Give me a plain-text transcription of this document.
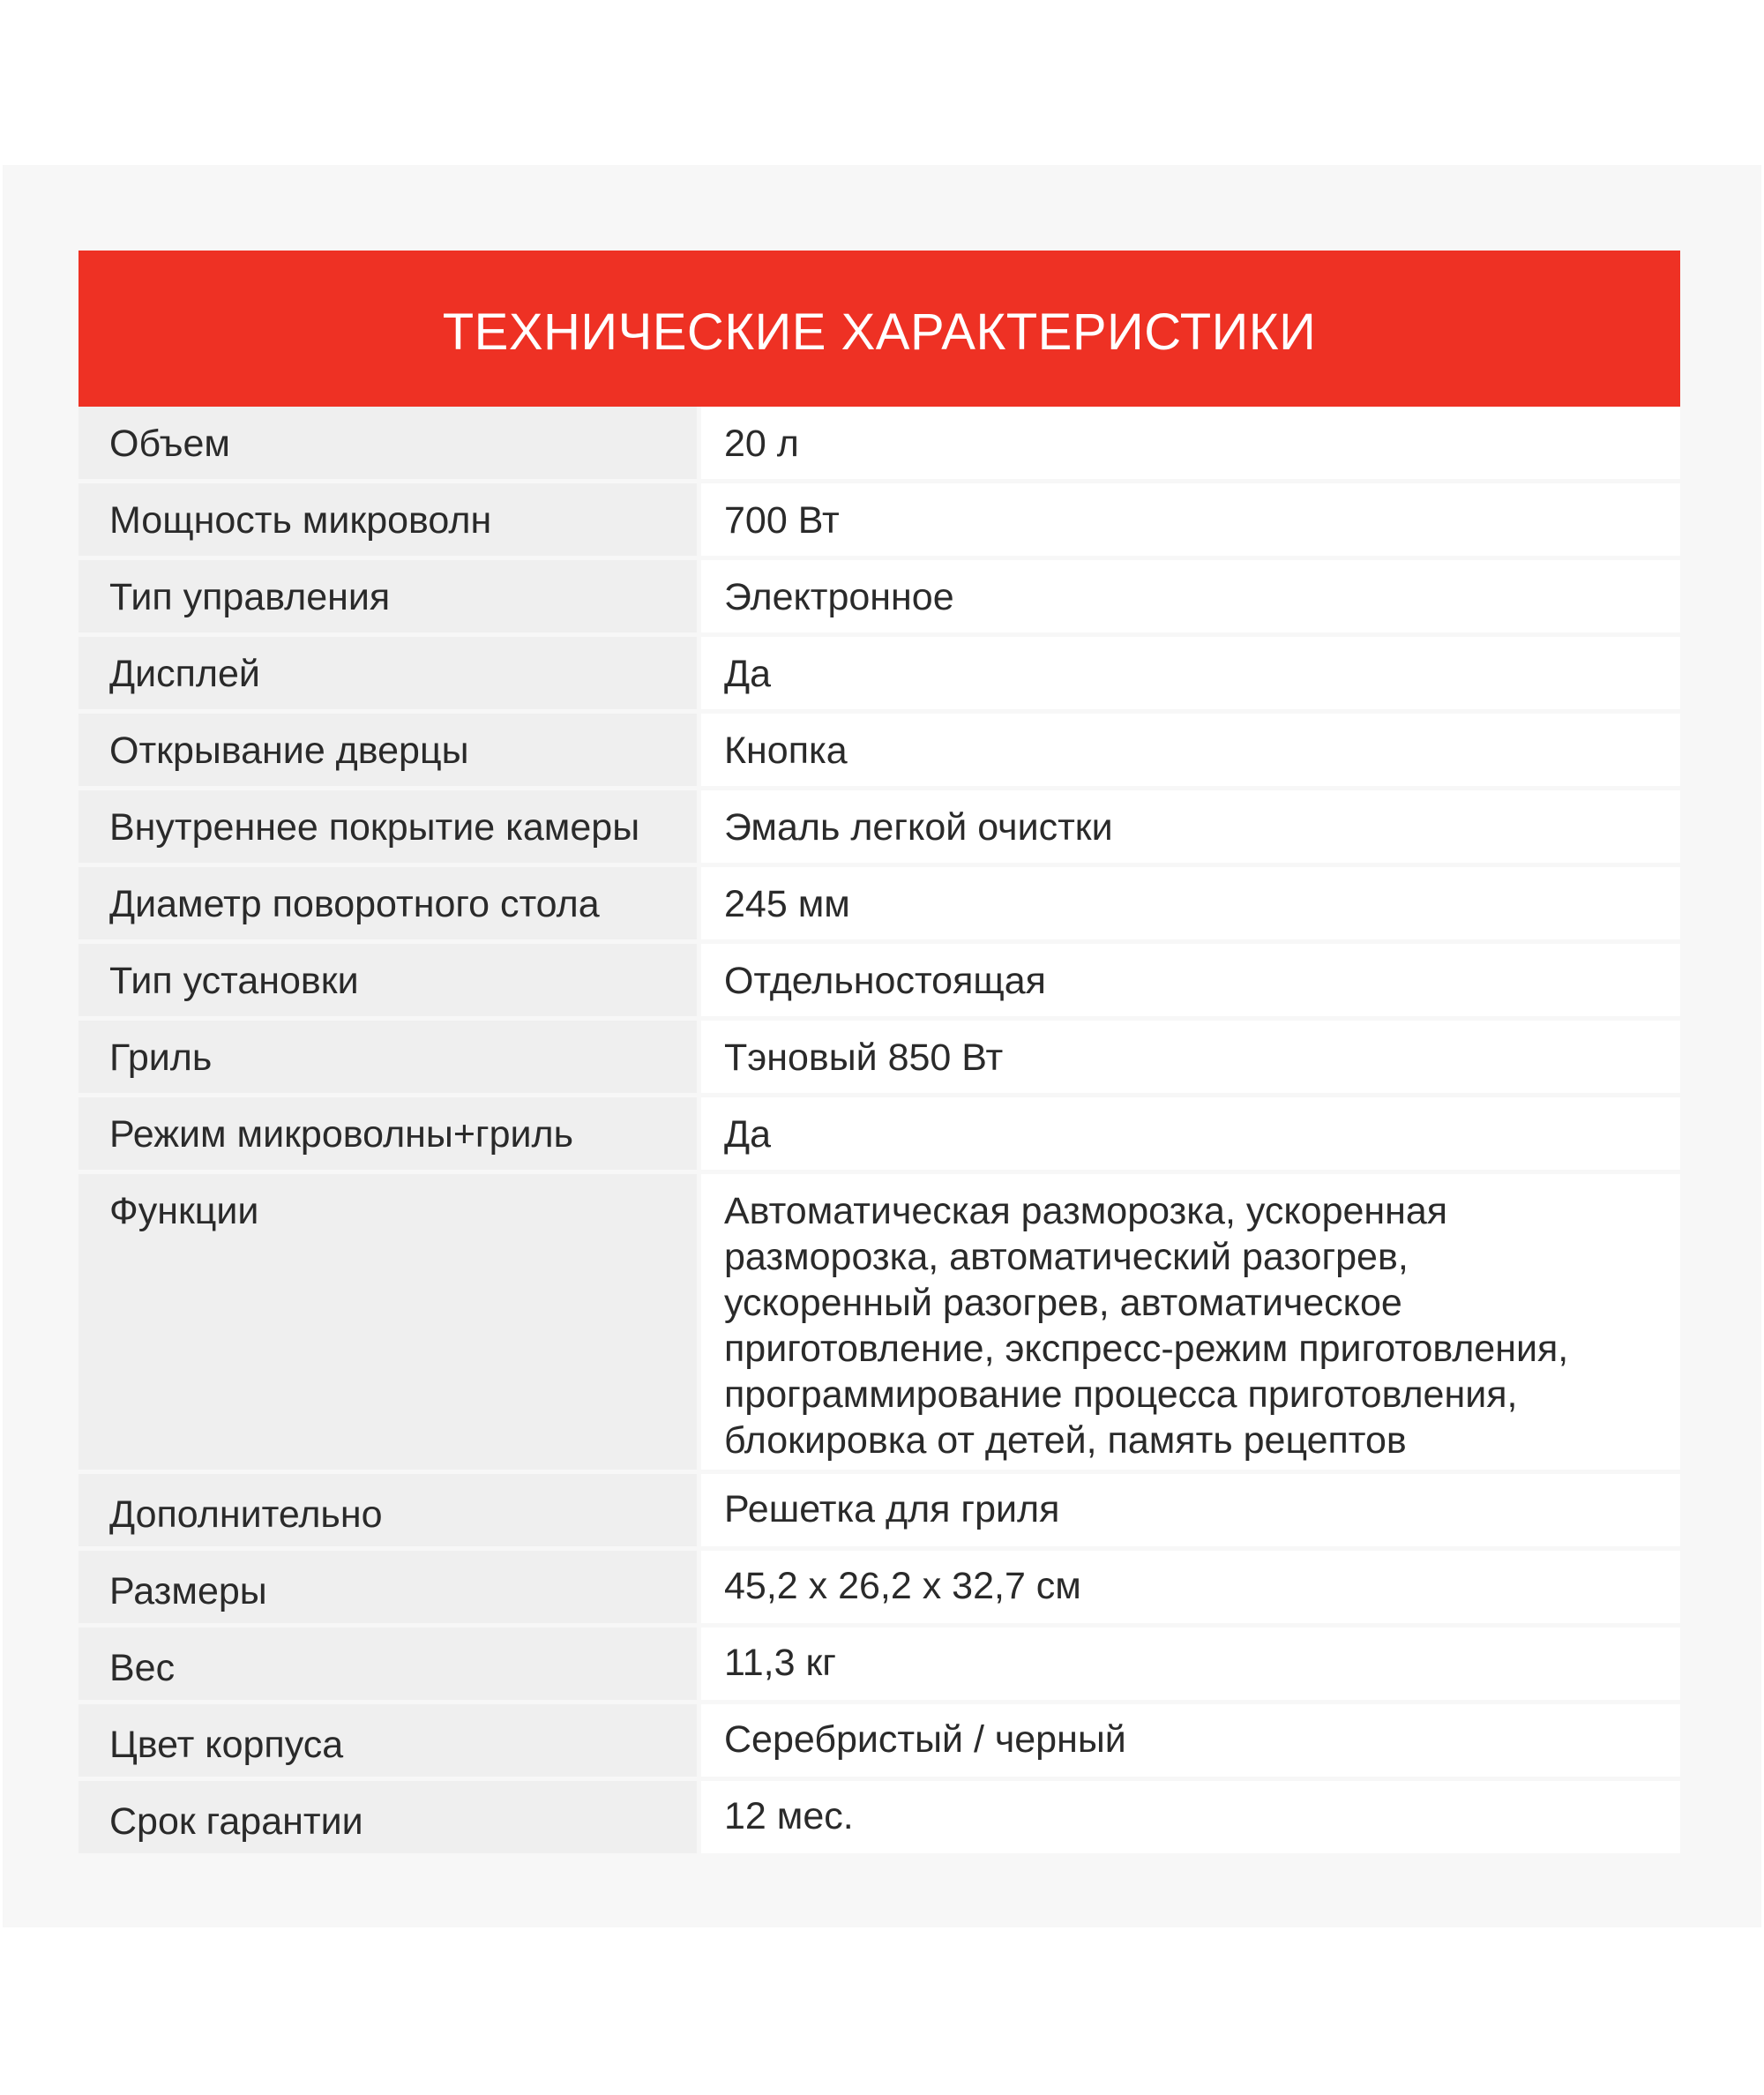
ТЕХНИЧЕСКИЕ ХАРАКТЕРИСТИКИ
Объем	20 л
Мощность микроволн	700 Вт
Тип управления	Электронное
Дисплей	Да
Открывание дверцы	Кнопка
Внутреннее покрытие камеры	Эмаль легкой очистки
Диаметр поворотного стола	245 мм
Тип установки	Отдельностоящая
Гриль	Тэновый 850 Вт
Режим микроволны+гриль	Да
Функции	Автоматическая разморозка, ускоренная
разморозка, автоматический разогрев,
ускоренный разогрев, автоматическое
приготовление, экспресс-режим приготовления,
программирование процесса приготовления,
блокировка от детей, память рецептов
Дополнительно	Решетка для гриля
Размеры	45,2 х 26,2 х 32,7 см
Вес	11,3 кг
Цвет корпуса	Серебристый / черный
Срок гарантии	12 мес.
